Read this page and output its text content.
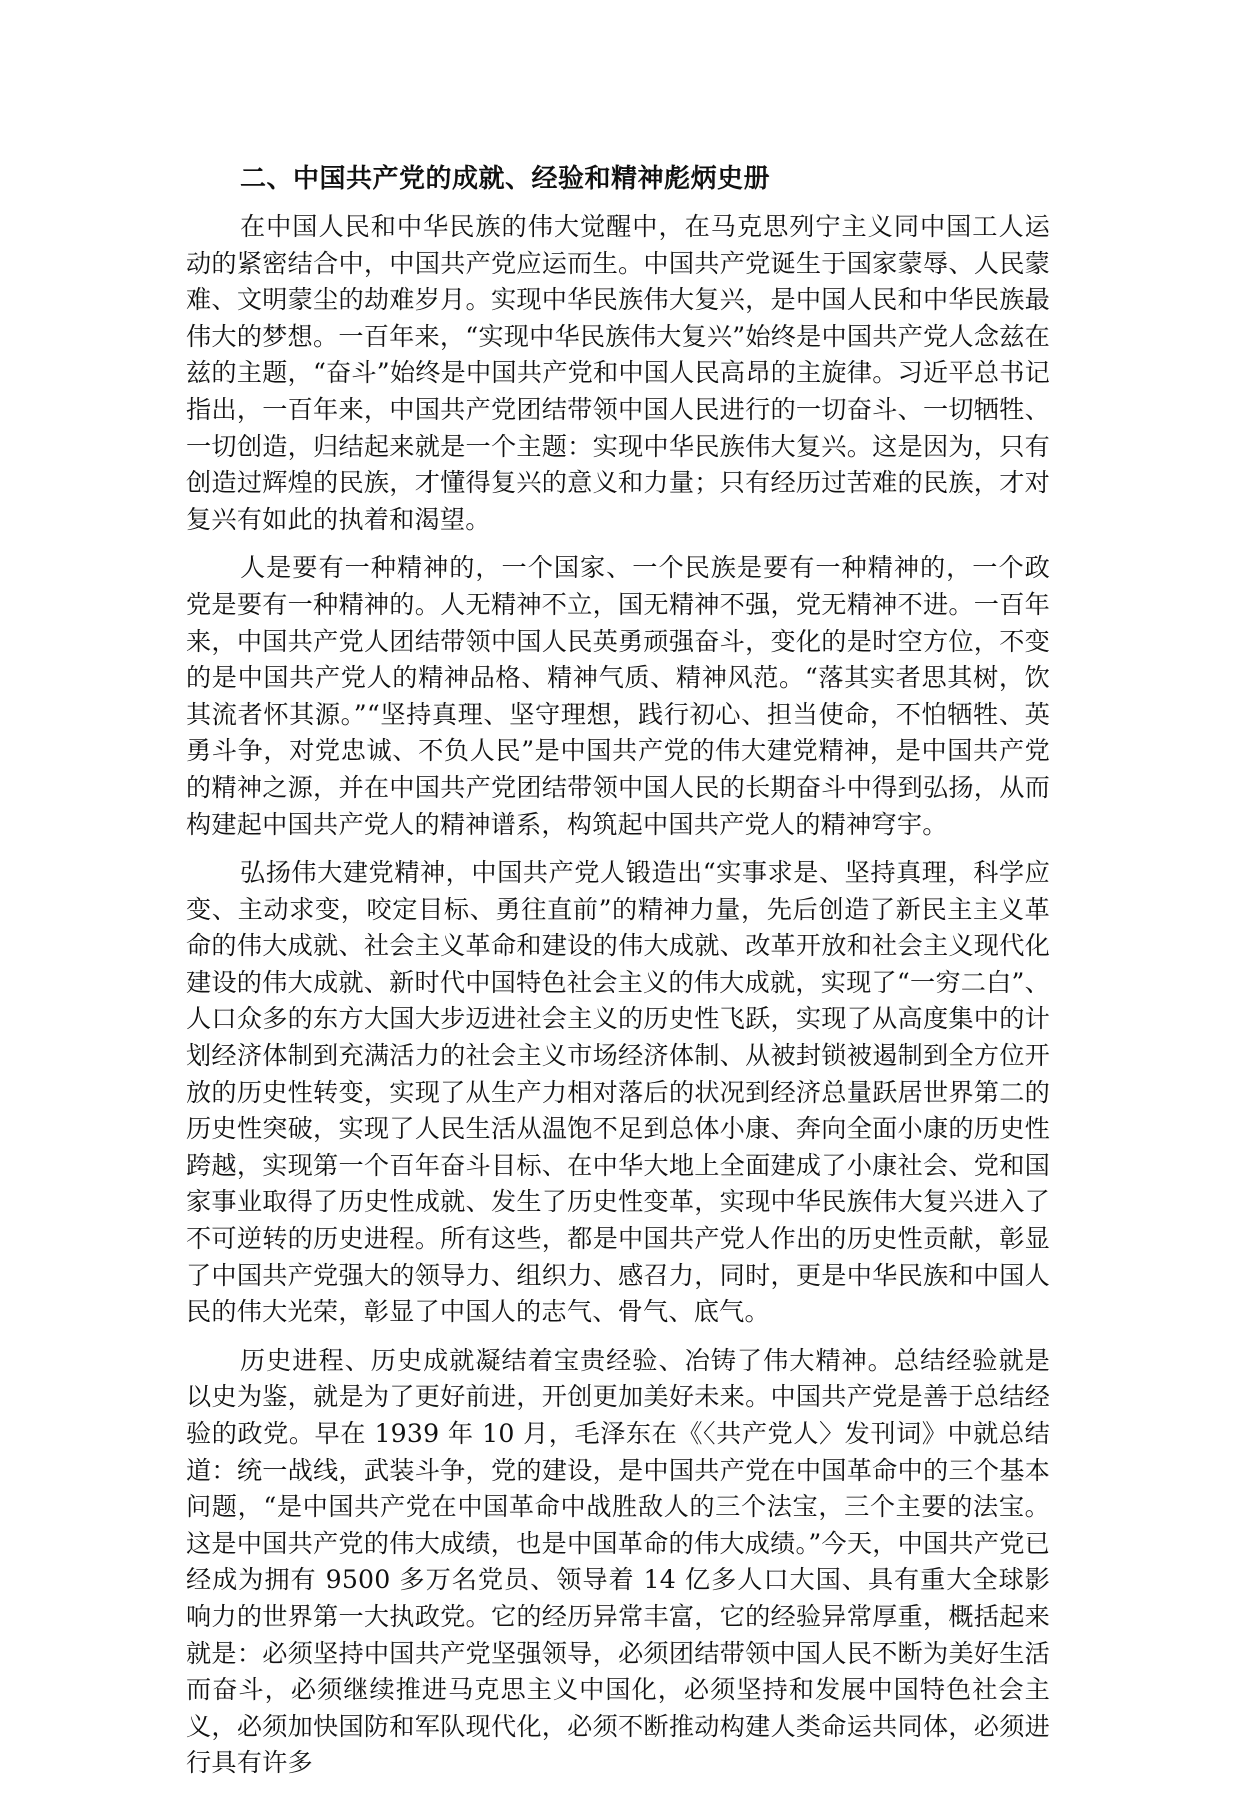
二、中国共产党的成就、经验和精神彪炳史册

在中国人民和中华民族的伟大觉醒中，在马克思列宁主义同中国工人运动的紧密结合中，中国共产党应运而生。中国共产党诞生于国家蒙辱、人民蒙难、文明蒙尘的劫难岁月。实现中华民族伟大复兴，是中国人民和中华民族最伟大的梦想。一百年来，“实现中华民族伟大复兴”始终是中国共产党人念兹在兹的主题，“奋斗”始终是中国共产党和中国人民高昂的主旋律。习近平总书记指出，一百年来，中国共产党团结带领中国人民进行的一切奋斗、一切牺牲、一切创造，归结起来就是一个主题：实现中华民族伟大复兴。这是因为，只有创造过辉煌的民族，才懂得复兴的意义和力量；只有经历过苦难的民族，才对复兴有如此的执着和渴望。

人是要有一种精神的，一个国家、一个民族是要有一种精神的，一个政党是要有一种精神的。人无精神不立，国无精神不强，党无精神不进。一百年来，中国共产党人团结带领中国人民英勇顽强奋斗，变化的是时空方位，不变的是中国共产党人的精神品格、精神气质、精神风范。“落其实者思其树，饮其流者怀其源。”“坚持真理、坚守理想，践行初心、担当使命，不怕牺牲、英勇斗争，对党忠诚、不负人民”是中国共产党的伟大建党精神，是中国共产党的精神之源，并在中国共产党团结带领中国人民的长期奋斗中得到弘扬，从而构建起中国共产党人的精神谱系，构筑起中国共产党人的精神穹宇。

弘扬伟大建党精神，中国共产党人锻造出“实事求是、坚持真理，科学应变、主动求变，咬定目标、勇往直前”的精神力量，先后创造了新民主主义革命的伟大成就、社会主义革命和建设的伟大成就、改革开放和社会主义现代化建设的伟大成就、新时代中国特色社会主义的伟大成就，实现了“一穷二白”、人口众多的东方大国大步迈进社会主义的历史性飞跃，实现了从高度集中的计划经济体制到充满活力的社会主义市场经济体制、从被封锁被遏制到全方位开放的历史性转变，实现了从生产力相对落后的状况到经济总量跃居世界第二的历史性突破，实现了人民生活从温饱不足到总体小康、奔向全面小康的历史性跨越，实现第一个百年奋斗目标、在中华大地上全面建成了小康社会、党和国家事业取得了历史性成就、发生了历史性变革，实现中华民族伟大复兴进入了不可逆转的历史进程。所有这些，都是中国共产党人作出的历史性贡献，彰显了中国共产党强大的领导力、组织力、感召力，同时，更是中华民族和中国人民的伟大光荣，彰显了中国人的志气、骨气、底气。

历史进程、历史成就凝结着宝贵经验、冶铸了伟大精神。总结经验就是以史为鉴，就是为了更好前进，开创更加美好未来。中国共产党是善于总结经验的政党。早在 1939 年 10 月，毛泽东在《〈共产党人〉发刊词》中就总结道：统一战线，武装斗争，党的建设，是中国共产党在中国革命中的三个基本问题，“是中国共产党在中国革命中战胜敌人的三个法宝，三个主要的法宝。这是中国共产党的伟大成绩，也是中国革命的伟大成绩。”今天，中国共产党已经成为拥有 9500 多万名党员、领导着 14 亿多人口大国、具有重大全球影响力的世界第一大执政党。它的经历异常丰富，它的经验异常厚重，概括起来就是：必须坚持中国共产党坚强领导，必须团结带领中国人民不断为美好生活而奋斗，必须继续推进马克思主义中国化，必须坚持和发展中国特色社会主义，必须加快国防和军队现代化，必须不断推动构建人类命运共同体，必须进行具有许多
